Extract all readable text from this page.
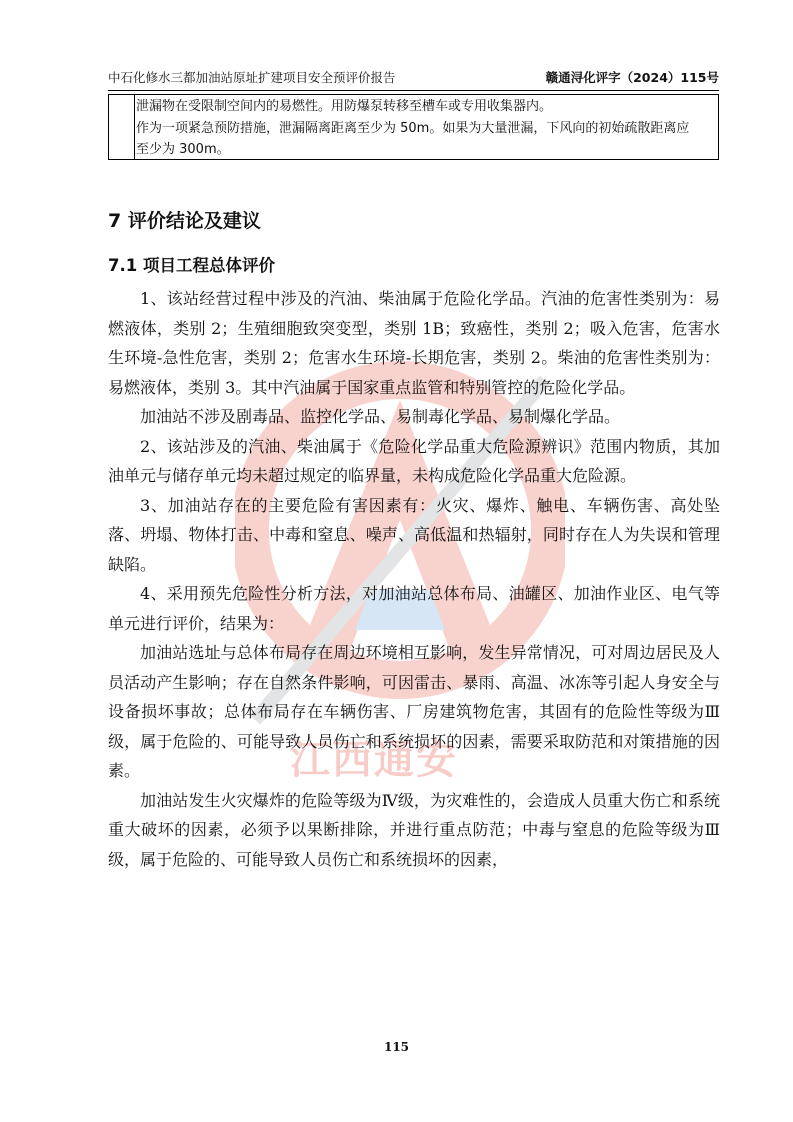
中石化修水三都加油站原址扩建项目安全预评价报告	赣通浔化评字（2024）115号
泄漏物在受限制空间内的易燃性。用防爆泵转移至槽车或专用收集器内。
作为一项紧急预防措施，泄漏隔离距离至少为 50m。如果为大量泄漏，下风向的初始疏散距离应
至少为 300m。
江西通安
7 评价结论及建议
7.1 项目工程总体评价

1、该站经营过程中涉及的汽油、柴油属于危险化学品。汽油的危害性类别为：易燃液体，类别 2；生殖细胞致突变型，类别 1B；致癌性，类别 2；吸入危害，危害水生环境-急性危害，类别 2；危害水生环境-长期危害，类别 2。柴油的危害性类别为：易燃液体，类别 3。其中汽油属于国家重点监管和特别管控的危险化学品。

加油站不涉及剧毒品、监控化学品、易制毒化学品、易制爆化学品。

2、该站涉及的汽油、柴油属于《危险化学品重大危险源辨识》范围内物质，其加油单元与储存单元均未超过规定的临界量，未构成危险化学品重大危险源。

3、加油站存在的主要危险有害因素有：火灾、爆炸、触电、车辆伤害、高处坠落、坍塌、物体打击、中毒和窒息、噪声、高低温和热辐射，同时存在人为失误和管理缺陷。

4、采用预先危险性分析方法，对加油站总体布局、油罐区、加油作业区、电气等单元进行评价，结果为：

加油站选址与总体布局存在周边环境相互影响，发生异常情况，可对周边居民及人员活动产生影响；存在自然条件影响，可因雷击、暴雨、高温、冰冻等引起人身安全与设备损坏事故；总体布局存在车辆伤害、厂房建筑物危害，其固有的危险性等级为Ⅲ级，属于危险的、可能导致人员伤亡和系统损坏的因素，需要采取防范和对策措施的因素。

加油站发生火灾爆炸的危险等级为Ⅳ级，为灾难性的，会造成人员重大伤亡和系统重大破坏的因素，必须予以果断排除，并进行重点防范；中毒与窒息的危险等级为Ⅲ级，属于危险的、可能导致人员伤亡和系统损坏的因素，

115
